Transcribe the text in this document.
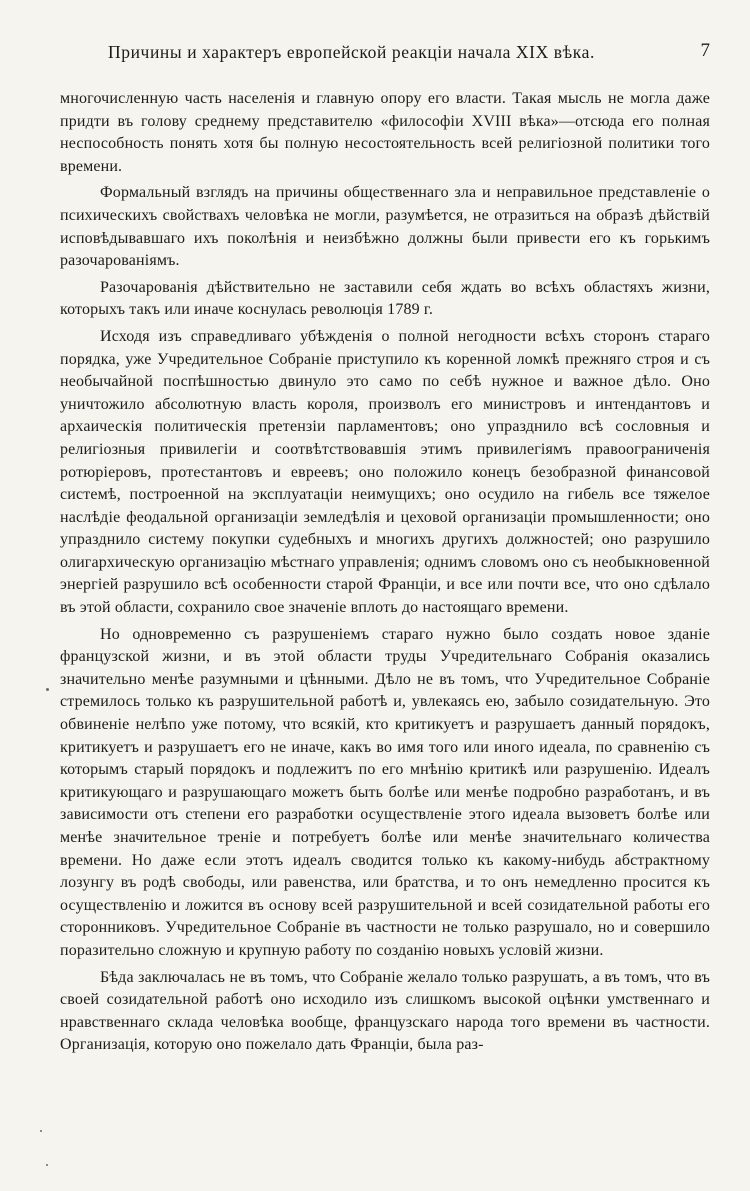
Причины и характеръ европейской реакціи начала XIX вѣка.	7

многочисленную часть населенія и главную опору его власти. Такая мысль не могла даже придти въ голову среднему представителю «философіи XVIII вѣка»—отсюда его полная неспособность понять хотя бы полную несостоятельность всей религіозной политики того времени.

Формальный взглядъ на причины общественнаго зла и неправильное представленіе о психическихъ свойствахъ человѣка не могли, разумѣется, не отразиться на образѣ дѣйствій исповѣдывавшаго ихъ поколѣнія и неизбѣжно должны были привести его къ горькимъ разочарованіямъ.

Разочарованія дѣйствительно не заставили себя ждать во всѣхъ областяхъ жизни, которыхъ такъ или иначе коснулась революція 1789 г.

Исходя изъ справедливаго убѣжденія о полной негодности всѣхъ сторонъ стараго порядка, уже Учредительное Собраніе приступило къ коренной ломкѣ прежняго строя и съ необычайной поспѣшностью двинуло это само по себѣ нужное и важное дѣло. Оно уничтожило абсолютную власть короля, произволъ его министровъ и интендантовъ и архаическія политическія претензіи парламентовъ; оно упразднило всѣ сословныя и религіозныя привилегіи и соотвѣтствовавшія этимъ привилегіямъ правоограниченія ротюріеровъ, протестантовъ и евреевъ; оно положило конецъ безобразной финансовой системѣ, построенной на эксплуатаціи неимущихъ; оно осудило на гибель все тяжелое наслѣдіе феодальной организаціи земледѣлія и цеховой организаціи промышленности; оно упразднило систему покупки судебныхъ и многихъ другихъ должностей; оно разрушило олигархическую организацію мѣстнаго управленія; однимъ словомъ оно съ необыкновенной энергіей разрушило всѣ особенности старой Франціи, и все или почти все, что оно сдѣлало въ этой области, сохранило свое значеніе вплоть до настоящаго времени.

Но одновременно съ разрушеніемъ стараго нужно было создать новое зданіе французской жизни, и въ этой области труды Учредительнаго Собранія оказались значительно менѣе разумными и цѣнными. Дѣло не въ томъ, что Учредительное Собраніе стремилось только къ разрушительной работѣ и, увлекаясь ею, забыло созидательную. Это обвиненіе нелѣпо уже потому, что всякій, кто критикуетъ и разрушаетъ данный порядокъ, критикуетъ и разрушаетъ его не иначе, какъ во имя того или иного идеала, по сравненію съ которымъ старый порядокъ и подлежитъ по его мнѣнію критикѣ или разрушенію. Идеалъ критикующаго и разрушающаго можетъ быть болѣе или менѣе подробно разработанъ, и въ зависимости отъ степени его разработки осуществленіе этого идеала вызоветъ болѣе или менѣе значительное треніе и потребуетъ болѣе или менѣе значительнаго количества времени. Но даже если этотъ идеалъ сводится только къ какому-нибудь абстрактному лозунгу въ родѣ свободы, или равенства, или братства, и то онъ немедленно просится къ осуществленію и ложится въ основу всей разрушительной и всей созидательной работы его сторонниковъ. Учредительное Собраніе въ частности не только разрушало, но и совершило поразительно сложную и крупную работу по созданію новыхъ условій жизни.

Бѣда заключалась не въ томъ, что Собраніе желало только разрушать, а въ томъ, что въ своей созидательной работѣ оно исходило изъ слишкомъ высокой оцѣнки умственнаго и нравственнаго склада человѣка вообще, французскаго народа того времени въ частности. Организація, которую оно пожелало дать Франціи, была раз-
